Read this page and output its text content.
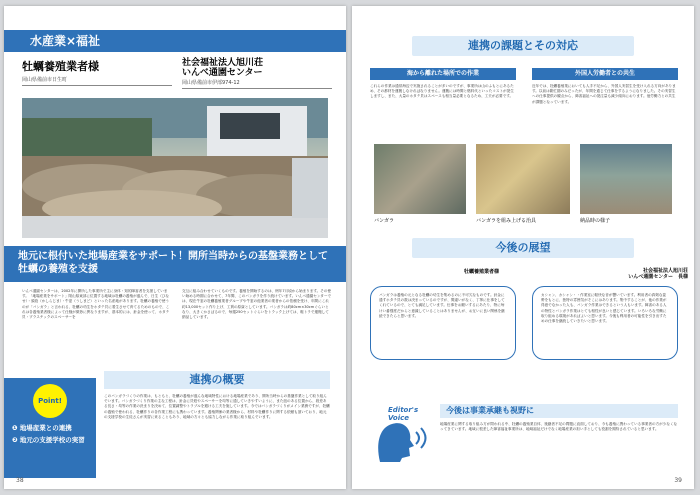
水産業×福祉
牡蠣養殖業者様
岡山県備前市日生町
社会福祉法人旭川荘
いんべ通園センター
岡山県備前市伊部974-12
地元に根付いた地場産業をサポート！開所当時からの基盤業務として牡蠣の養殖を支援
いんべ通園センターは、2002年に開所した事業所で主に身体・知的障害者を支援しています。「地場産業をサポート」岡山県東部に位置する地域は牡蠣の養殖が盛んで、日生（ひなせ）・頭島（かしらじま）・牛窓（うしまど）といった名産地があります。牡蠣の養殖で使うのが「バンガラ」と言われる、牡蠣の幼生をホタテ貝に着生させて育てるためのもので、これは各養殖業者様によって仕様が微妙に異なりますが、基本的には、針金を使って、ホタテ貝・プラスチックのスペーサーを
交互に組み合わせていくものです。養殖を開始するのは、例年7月頃から始まります。その使い始める時期に合わせて、7年間、このバンガラを作り続けています。いんべ通園センターでは、現在牛窓の牡蠣養殖業者グループや牛窓の他業者の業者からの依頼を受け、年間にこれ約13,000セット作り上げ、工賃の原資としています。バンガラは約80cm×30cmぐらいとなり、大きくかさばるので、毎週250セットぐらいをトラック上げては、軽トラで運搬して納品しています。
連携の概要
Point!
❶ 地場産業との連携
❷ 地元の支援学校の実習
このバンガラづくりの作業は、もともと、牡蠣の養殖が盛んな地域特性における地場産業であり、開所当時からの基盤作業として取り組んでいます。バンガラづくり作業の主な工程は、針金に貝殻やスペーサーを均等に通していきやすいように、また紐のある位置から、段差ある長さ・均等の作業の決まりを決めて、位置調整やトラブルを避ける工夫を施しています。今ではバンガラづくりがメイン業務ですが、牡蠣の養殖で使われる、牡蠣作りの各作業工程にも携わっています。養殖関係の業者様から、材料や牡蠣作りに関する依頼も頂いており、地元の支援学校の生徒さんが実習に来ることもあり、地域の方々とも協力しながら作業に取り組んでいます。
38
連携の課題とその対応
海から離れた場所での作業
これらの作業は通常海辺で実施されることが多いのですが、事業所は山のふもとにあるため、その都材を運搬しなければなりません。運搬には時間と燃料代といったコストが発生しますし、また、大量のホタテ貝はスペースも相当量必要となるため、工夫が必要です。
外国人労働者との共生
近年では、牡蠣養殖業においても人手不足から、外国人実習生を受け入れる方向があります。以前は繁忙期のみだったが、年間を通じて仕事をするようになりました。その実習生への仕事提供の観点から、障害福祉への発注量も減少傾向におります。他労働力との共生が課題となっています。
バンガラ	バンガラを組み上げる治具	納品時の様子
今後の展望
牡蠣養殖業者様	社会福祉法人旭川荘
いんべ通園センター　長様
バンガラは養殖の元となる牡蠣の幼生を集めるのに不可欠なものです。針金に通すホタテ貝の数は決まっているのですが、間違いがなく、丁寧に仕事をしてくれているので、とても満足しています。仕事をお願いするにあたり、特に毎けい番強度だからと意識していることはありませんが、お互いに良い関係を継続できたらと思います。
カシャン、カシャン・・作業室に軽快な音が響いています。利用者の真剣な姿勢をもとに、独特の雰囲気がそこにはあります。集中することが、他の作業が得意でなかった人も、バンガラ作業はできるという人もいます。障害のある人の特性とバンガラ作業はとても相性が良いと感じています。いろいろな労働に取り組める環境があればよいと思います。今後も利用者の可能性を引き出すための仕事を継続していきたいと思います。
Editor's Voice
今後は事業承継も視野に
地場産業に関する取り組み方が問われる中、牡蠣の養殖業自体、後継者不足の問題に直面しており、今も養殖に携わっている事業者の方が少なくなってきています。地域に根差した障害福祉事業所は、地域福祉だけでなく地場産業の担い手としても役割を期待されていると思います。
39
